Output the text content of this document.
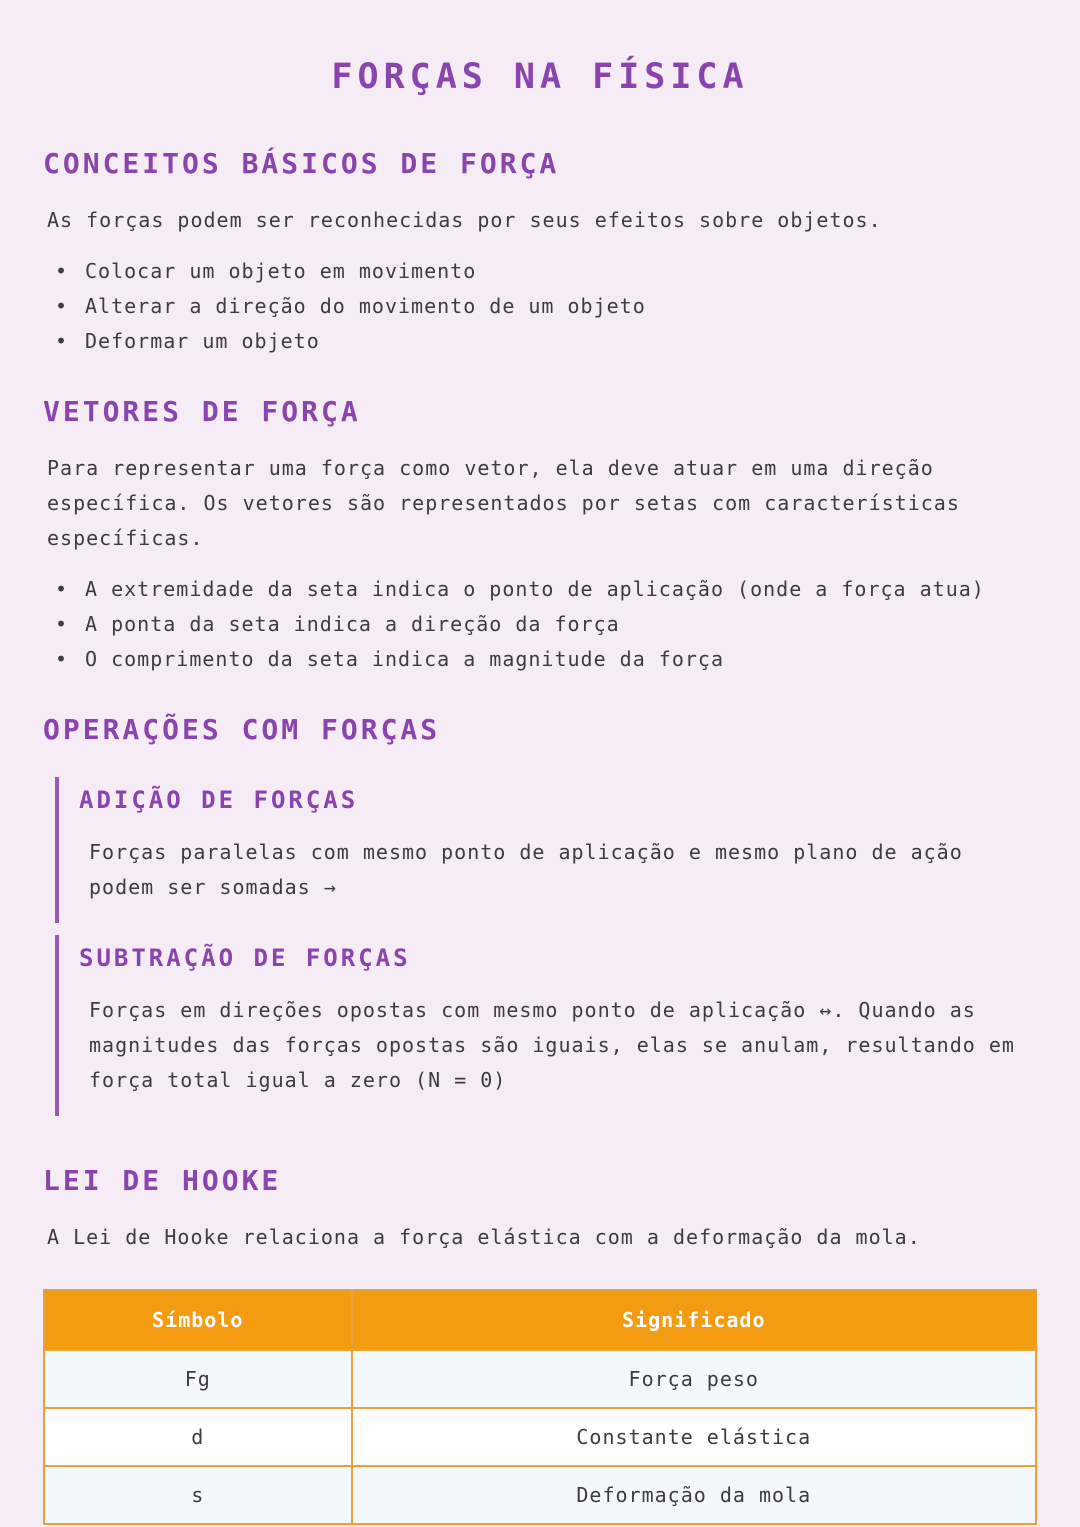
FORÇAS NA FÍSICA
CONCEITOS BÁSICOS DE FORÇA

As forças podem ser reconhecidas por seus efeitos sobre objetos.

• Colocar um objeto em movimento
• Alterar a direção do movimento de um objeto
• Deformar um objeto
VETORES DE FORÇA

Para representar uma força como vetor, ela deve atuar em uma direção específica. Os vetores são representados por setas com características específicas.

• A extremidade da seta indica o ponto de aplicação (onde a força atua)
• A ponta da seta indica a direção da força
• O comprimento da seta indica a magnitude da força
OPERAÇÕES COM FORÇAS
ADIÇÃO DE FORÇAS

Forças paralelas com mesmo ponto de aplicação e mesmo plano de ação podem ser somadas →

SUBTRAÇÃO DE FORÇAS

Forças em direções opostas com mesmo ponto de aplicação ↔. Quando as magnitudes das forças opostas são iguais, elas se anulam, resultando em força total igual a zero (N = 0)

LEI DE HOOKE

A Lei de Hooke relaciona a força elástica com a deformação da mola.

Símbolo	Significado
Fg	Força peso
d	Constante elástica
s	Deformação da mola
